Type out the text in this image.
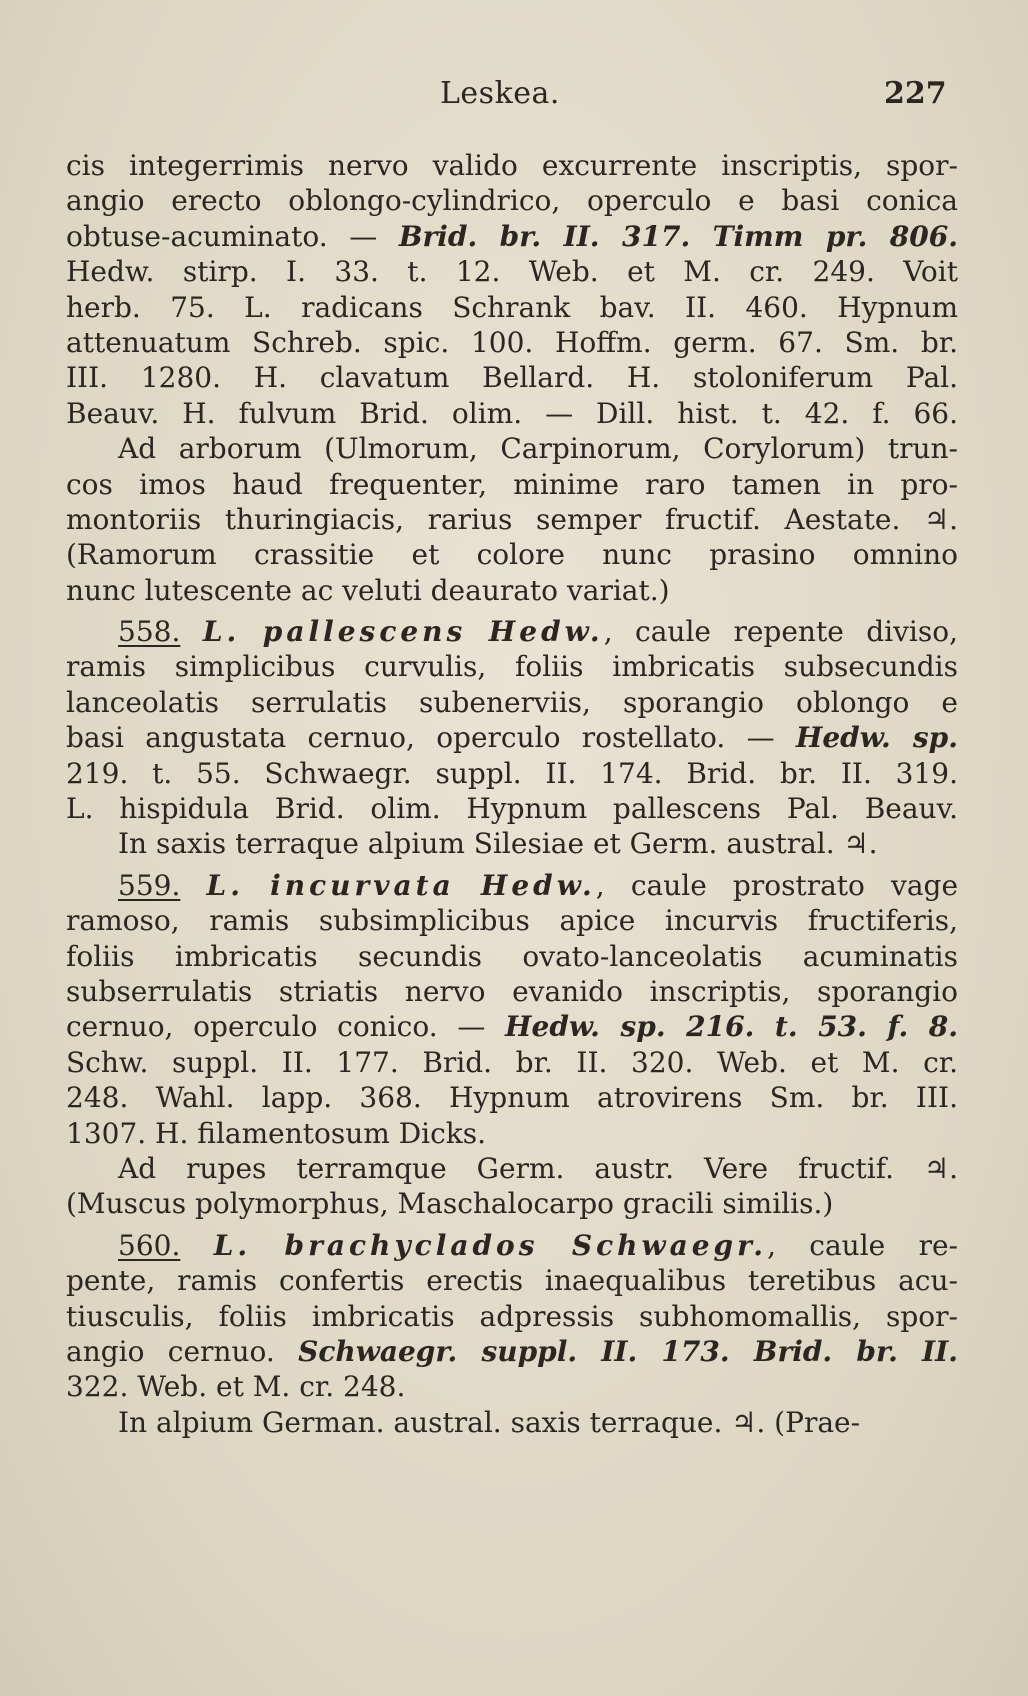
Leskea.	227
cis integerrimis nervo valido excurrente inscriptis, spor-
angio erecto oblongo-cylindrico, operculo e basi conica
obtuse-acuminato. — Brid. br. II. 317. Timm pr. 806.
Hedw. stirp. I. 33. t. 12. Web. et M. cr. 249. Voit
herb. 75. L. radicans Schrank bav. II. 460. Hypnum
attenuatum Schreb. spic. 100. Hoffm. germ. 67. Sm. br.
III. 1280. H. clavatum Bellard. H. stoloniferum Pal.
Beauv. H. fulvum Brid. olim. — Dill. hist. t. 42. f. 66.
Ad arborum (Ulmorum, Carpinorum, Corylorum) trun-
cos imos haud frequenter, minime raro tamen in pro-
montoriis thuringiacis, rarius semper fructif. Aestate. ♃.
(Ramorum crassitie et colore nunc prasino omnino
nunc lutescente ac veluti deaurato variat.)
558. L. pallescens Hedw., caule repente diviso,
ramis simplicibus curvulis, foliis imbricatis subsecundis
lanceolatis serrulatis subenerviis, sporangio oblongo e
basi angustata cernuo, operculo rostellato. — Hedw. sp.
219. t. 55. Schwaegr. suppl. II. 174. Brid. br. II. 319.
L. hispidula Brid. olim. Hypnum pallescens Pal. Beauv.
In saxis terraque alpium Silesiae et Germ. austral. ♃.
559. L. incurvata Hedw., caule prostrato vage
ramoso, ramis subsimplicibus apice incurvis fructiferis,
foliis imbricatis secundis ovato-lanceolatis acuminatis
subserrulatis striatis nervo evanido inscriptis, sporangio
cernuo, operculo conico. — Hedw. sp. 216. t. 53. f. 8.
Schw. suppl. II. 177. Brid. br. II. 320. Web. et M. cr.
248. Wahl. lapp. 368. Hypnum atrovirens Sm. br. III.
1307. H. filamentosum Dicks.
Ad rupes terramque Germ. austr. Vere fructif. ♃.
(Muscus polymorphus, Maschalocarpo gracili similis.)
560. L. brachyclados Schwaegr., caule re-
pente, ramis confertis erectis inaequalibus teretibus acu-
tiusculis, foliis imbricatis adpressis subhomomallis, spor-
angio cernuo. Schwaegr. suppl. II. 173. Brid. br. II.
322. Web. et M. cr. 248.
In alpium German. austral. saxis terraque. ♃. (Prae-
